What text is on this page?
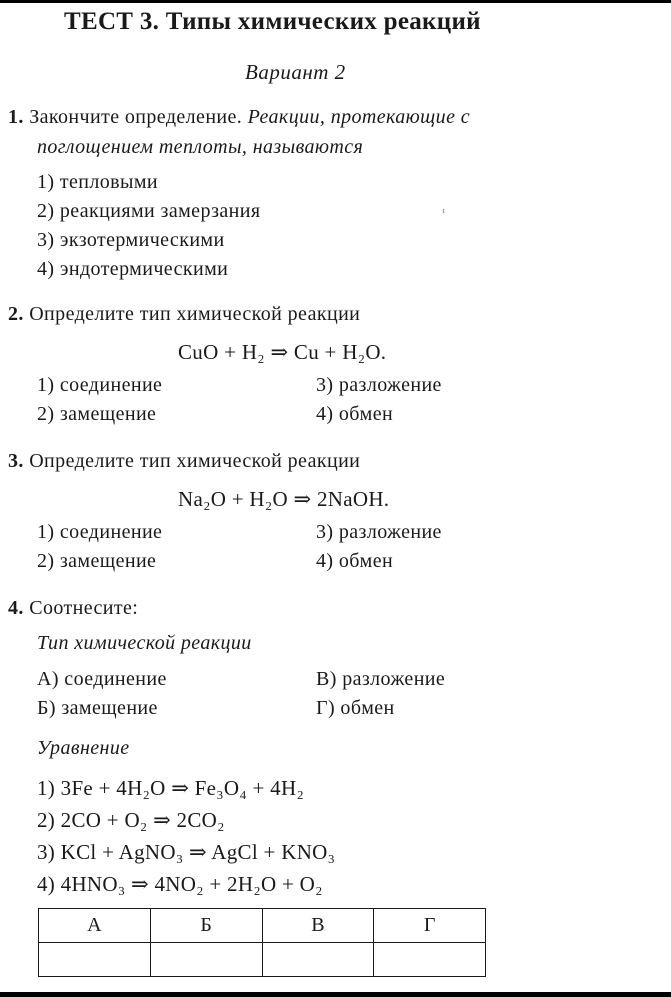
ТЕСТ 3. Типы химических реакций
Вариант 2
1. Закончите определение. Реакции, протекающие с
поглощением теплоты, называются
1) тепловыми
2) реакциями замерзания
3) экзотермическими
4) эндотермическими
ⸯ
2. Определите тип химической реакции
CuO + H₂ ⇒ Cu + H₂O.
1) соединение	3) разложение
2) замещение	4) обмен
3. Определите тип химической реакции
Na₂O + H₂O ⇒ 2NaOH.
1) соединение	3) разложение
2) замещение	4) обмен
4. Соотнесите:
Тип химической реакции
А) соединение	В) разложение
Б) замещение	Г) обмен
Уравнение
1) 3Fe + 4H₂O ⇒ Fe₃O₄ + 4H₂
2) 2CO + O₂ ⇒ 2CO₂
3) KCl + AgNO₃ ⇒ AgCl + KNO₃
4) 4HNO₃ ⇒ 4NO₂ + 2H₂O + O₂
А	Б	В	Г
